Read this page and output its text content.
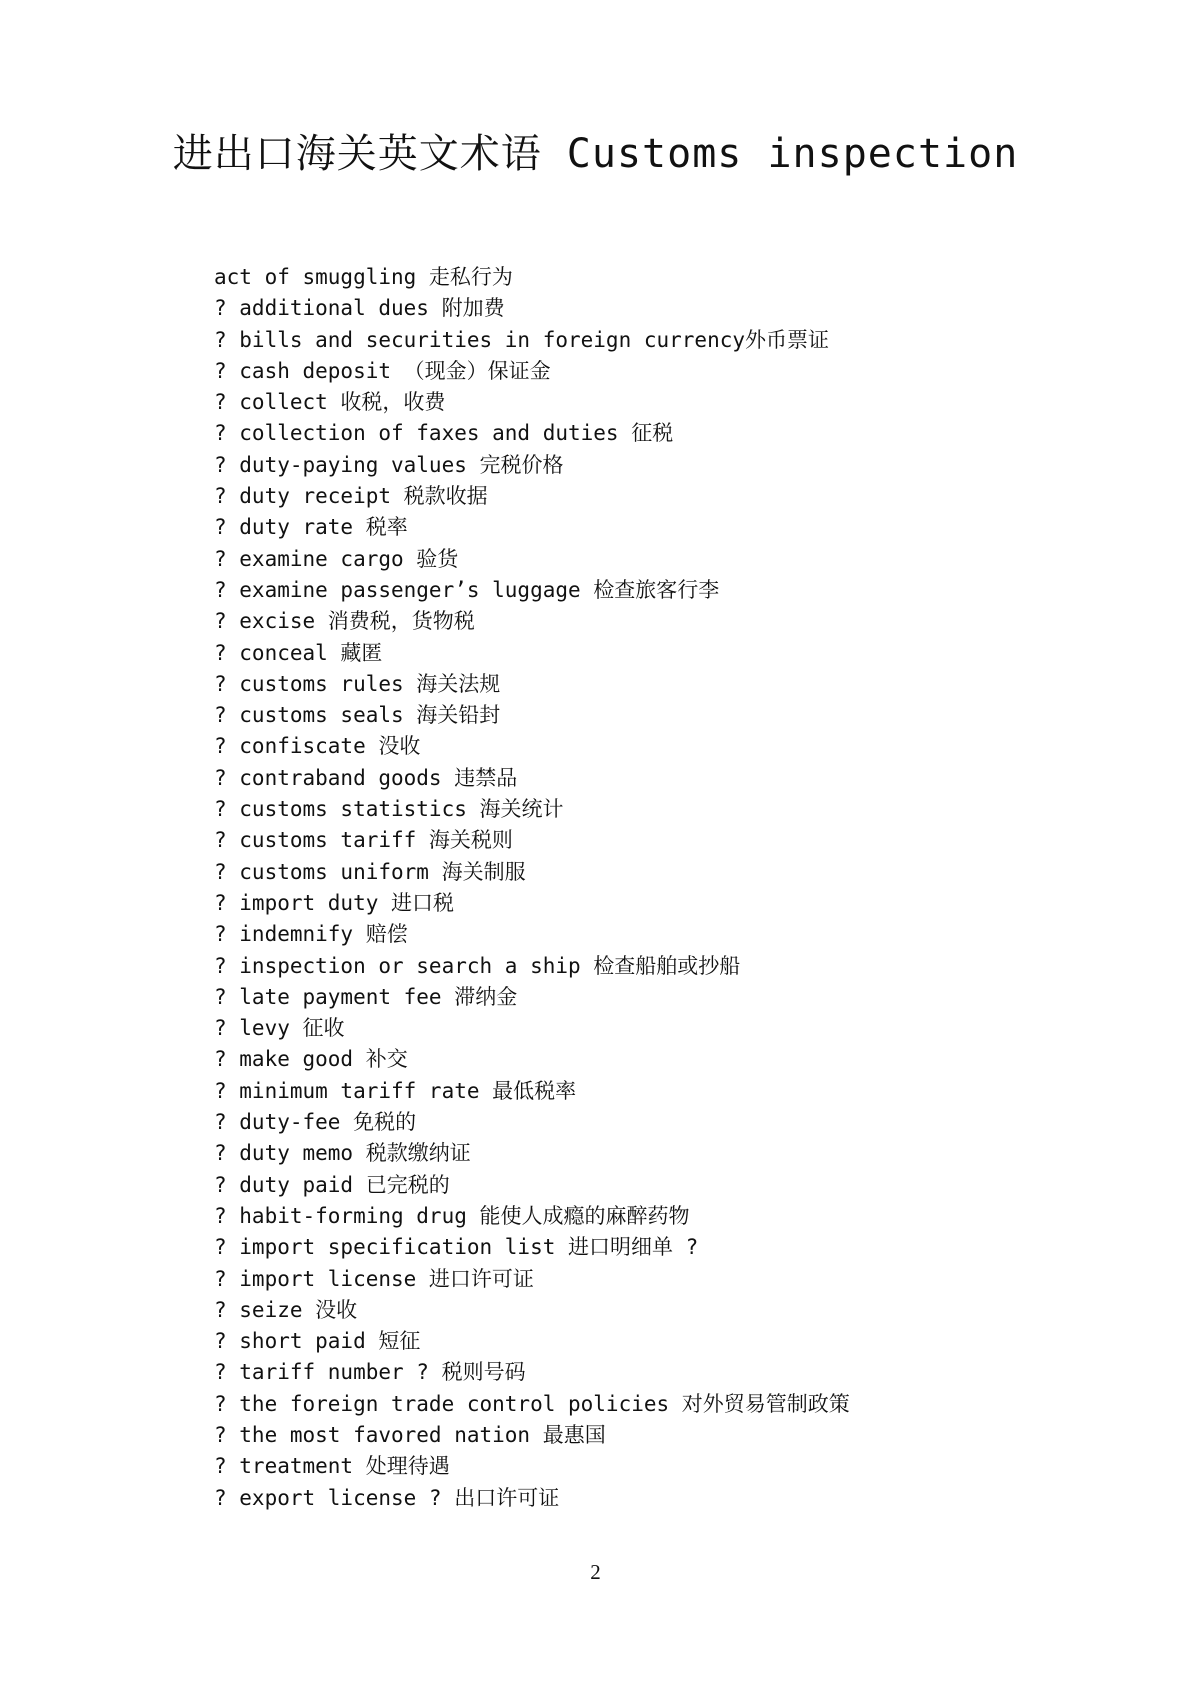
进出口海关英文术语 Customs inspection
act of smuggling 走私行为
? additional dues 附加费
? bills and securities in foreign currency外币票证
? cash deposit （现金）保证金
? collect 收税，收费
? collection of faxes and duties 征税
? duty-paying values 完税价格
? duty receipt 税款收据
? duty rate 税率
? examine cargo 验货
? examine passenger’s luggage 检查旅客行李
? excise 消费税，货物税
? conceal 藏匿
? customs rules 海关法规
? customs seals 海关铅封
? confiscate 没收
? contraband goods 违禁品
? customs statistics 海关统计
? customs tariff 海关税则
? customs uniform 海关制服
? import duty 进口税
? indemnify 赔偿
? inspection or search a ship 检查船舶或抄船
? late payment fee 滞纳金
? levy 征收
? make good 补交
? minimum tariff rate 最低税率
? duty-fee 免税的
? duty memo 税款缴纳证
? duty paid 已完税的
? habit-forming drug 能使人成瘾的麻醉药物
? import specification list 进口明细单 ?
? import license 进口许可证
? seize 没收
? short paid 短征
? tariff number ? 税则号码
? the foreign trade control policies 对外贸易管制政策
? the most favored nation 最惠国
? treatment 处理待遇
? export license ? 出口许可证
2
